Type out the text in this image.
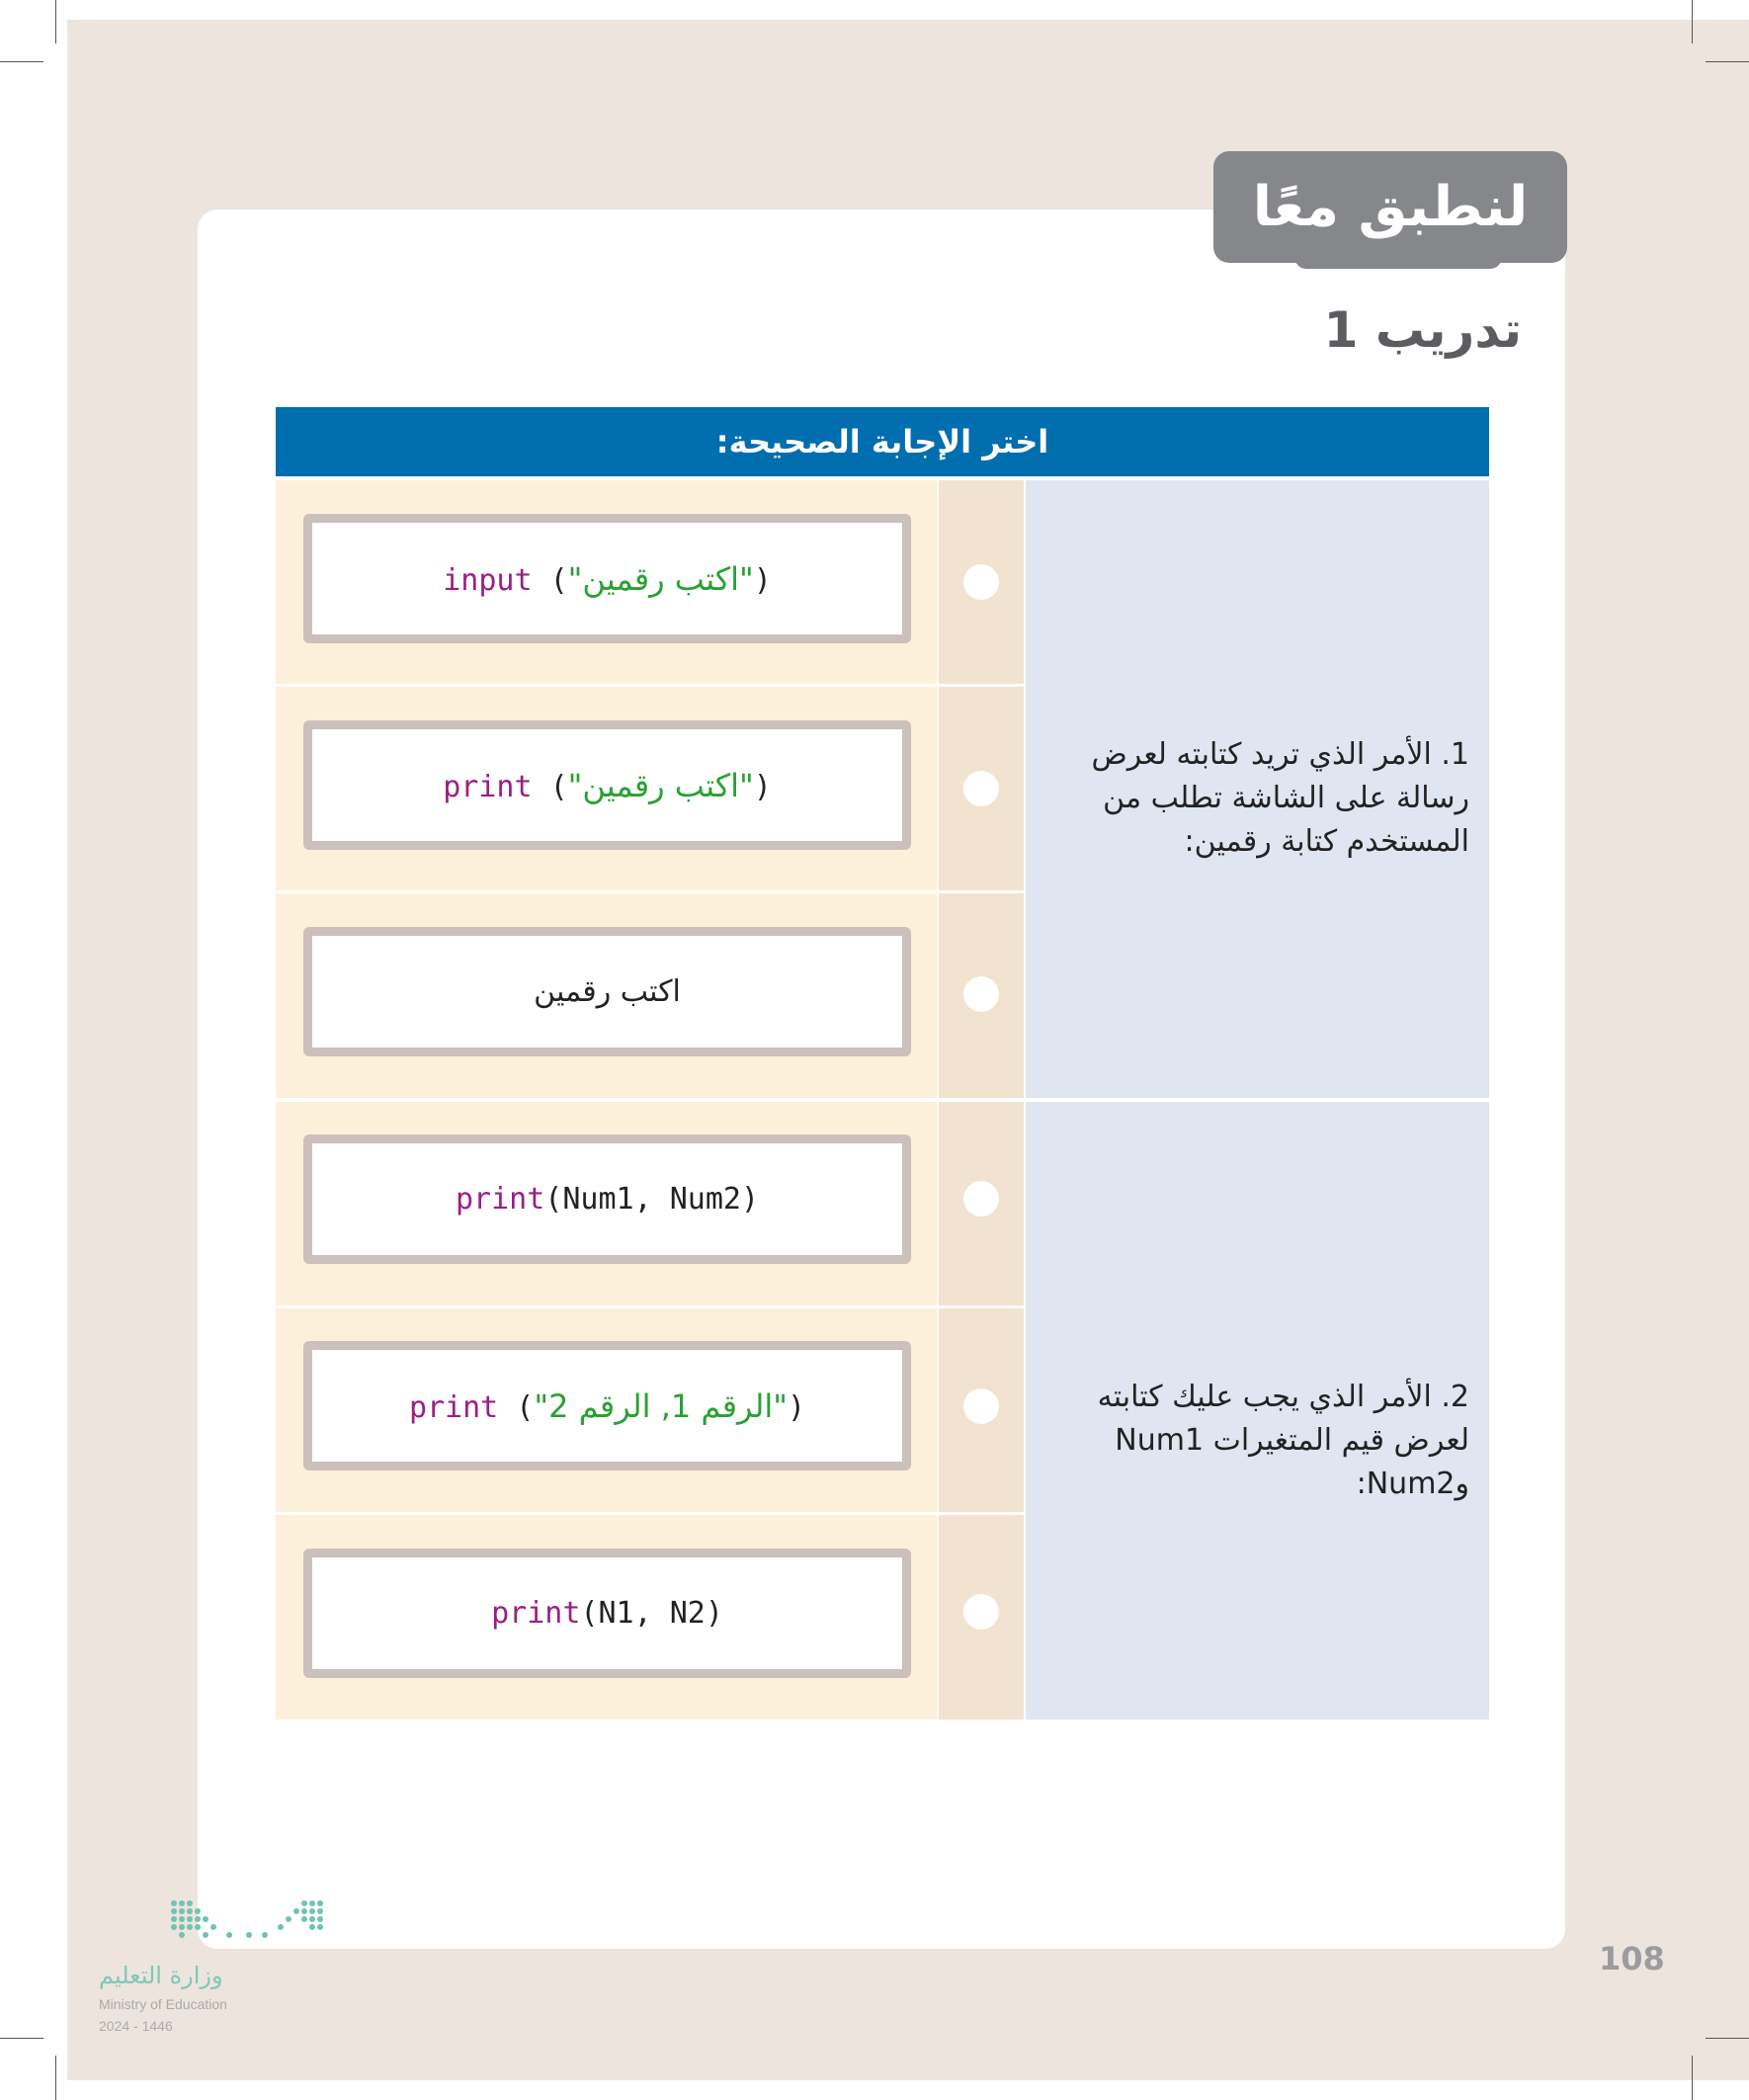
لنطبق معًا
تدريب 1
اختر الإجابة الصحيحة:
1. الأمر الذي تريد كتابته لعرض رسالة على الشاشة تطلب من المستخدم كتابة رقمين:
input ("اكتب رقمين")
print ("اكتب رقمين")
اكتب رقمين
2. الأمر الذي يجب عليك كتابته لعرض قيم المتغيرات Num1 وNum2:
print(Num1, Num2)
print ("الرقم 1, الرقم 2")
print(N1, N2)
وزارة التعليم
Ministry of Education
2024 - 1446
108
